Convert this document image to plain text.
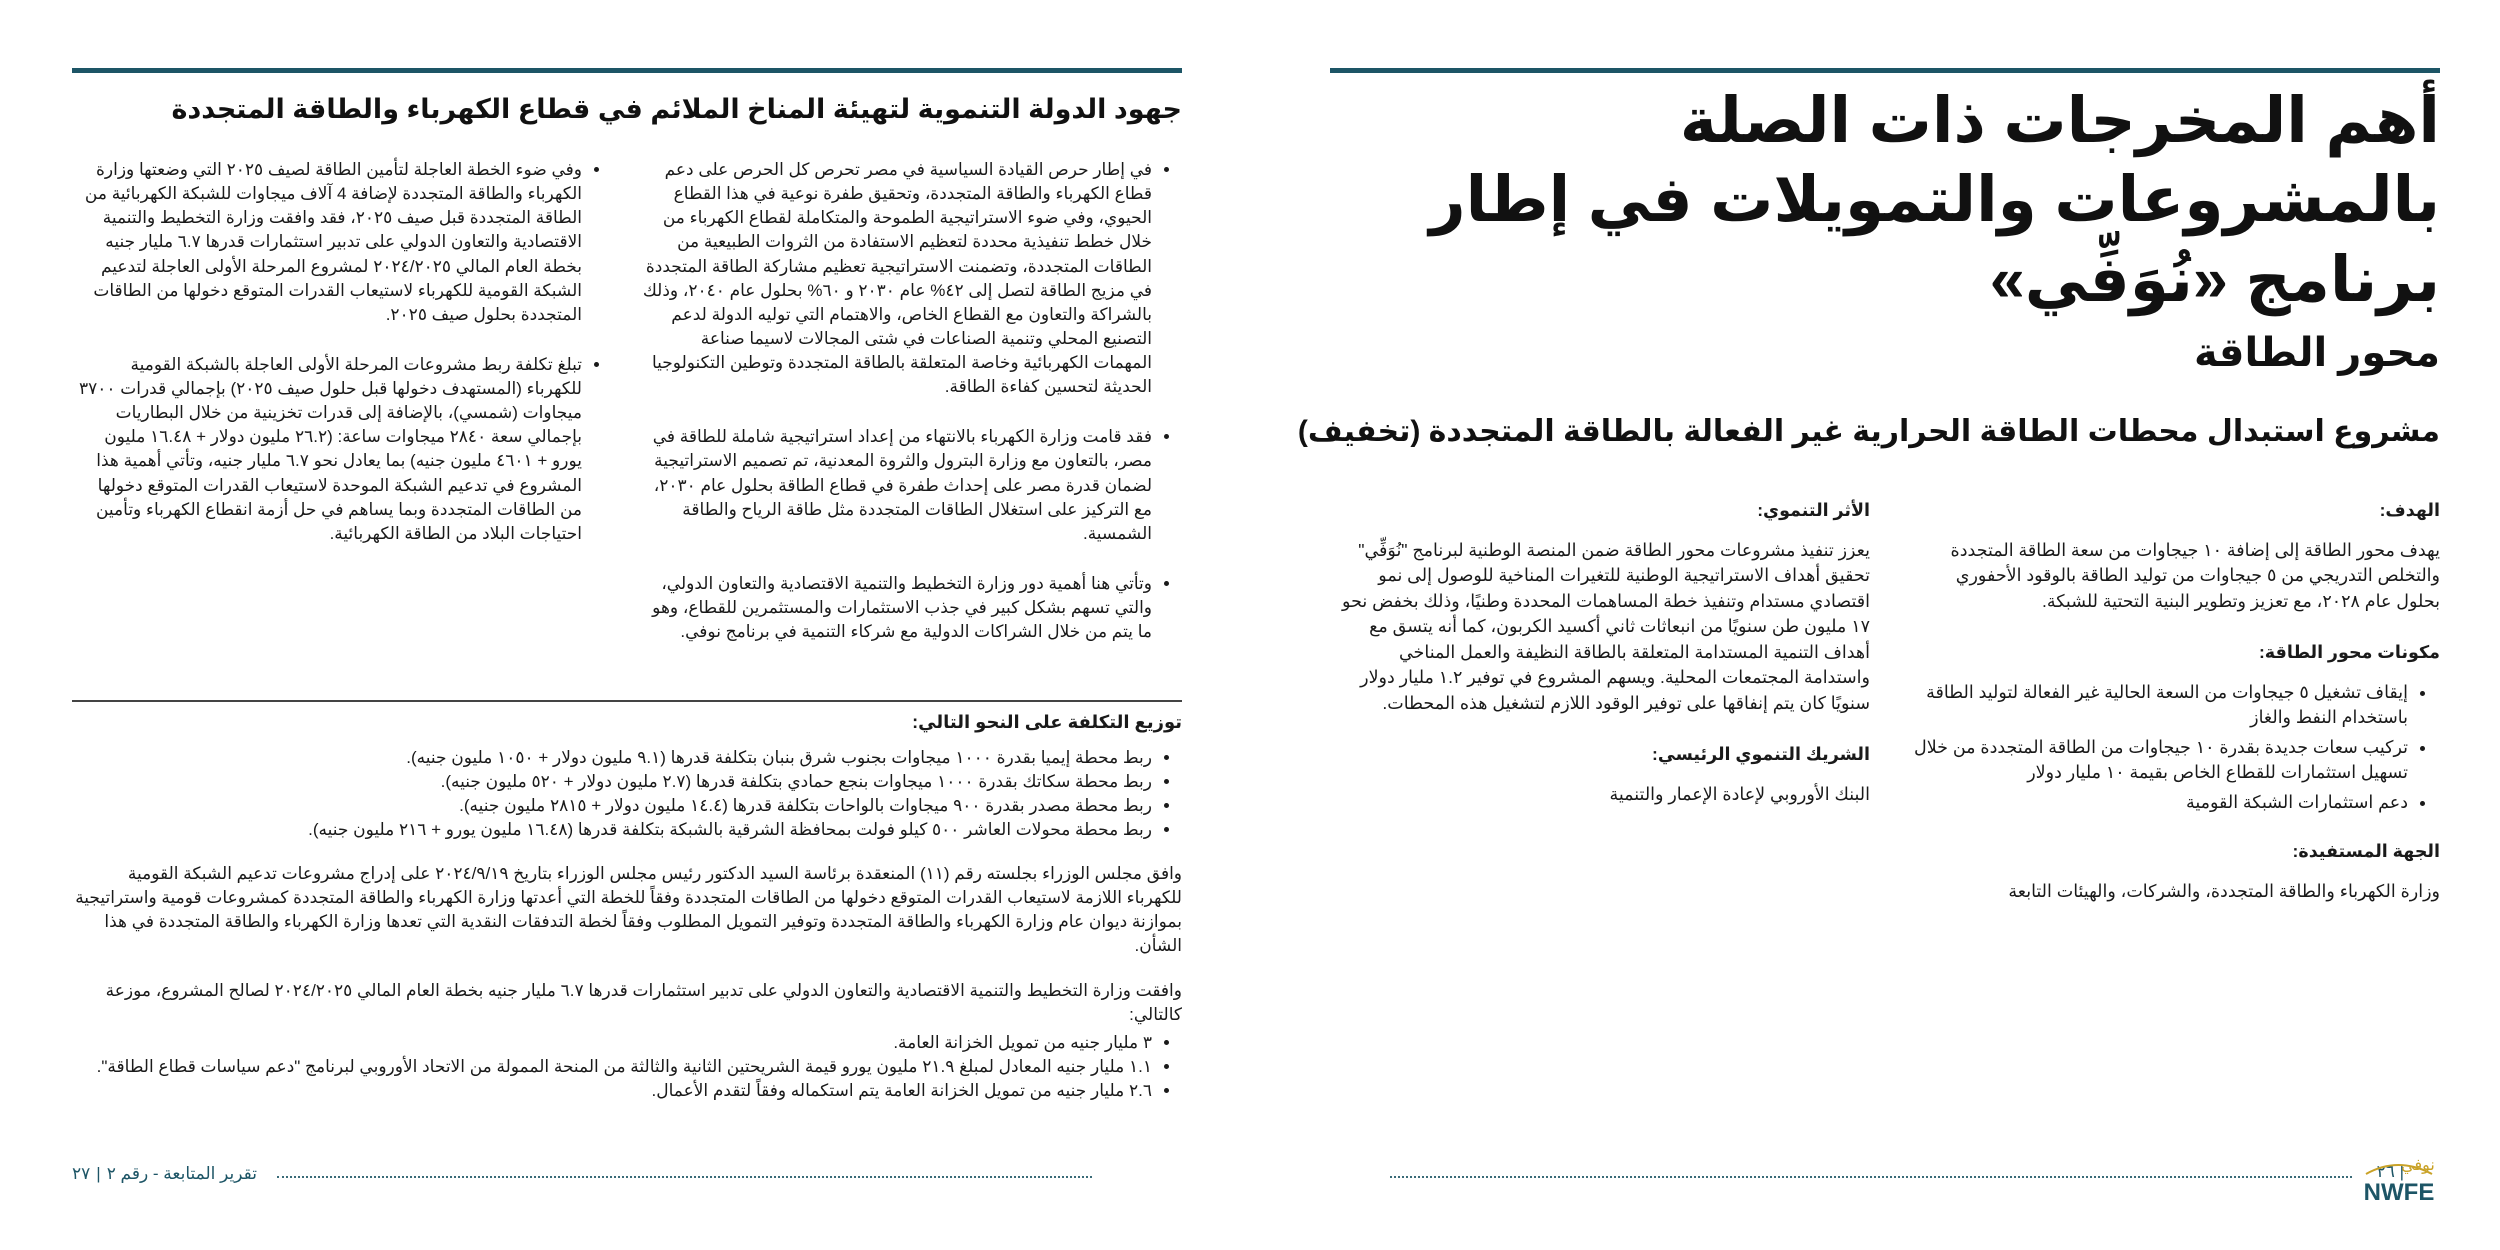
أهم المخرجات ذات الصلة بالمشروعات والتمويلات في إطار برنامج «نُوَفِّي»
محور الطاقة
مشروع استبدال محطات الطاقة الحرارية غير الفعالة بالطاقة المتجددة (تخفيف)
الهدف:

يهدف محور الطاقة إلى إضافة ١٠ جيجاوات من سعة الطاقة المتجددة والتخلص التدريجي من ٥ جيجاوات من توليد الطاقة بالوقود الأحفوري بحلول عام ٢٠٢٨، مع تعزيز وتطوير البنية التحتية للشبكة.

مكونات محور الطاقة:
• إيقاف تشغيل ٥ جيجاوات من السعة الحالية غير الفعالة لتوليد الطاقة باستخدام النفط والغاز
• تركيب سعات جديدة بقدرة ١٠ جيجاوات من الطاقة المتجددة من خلال تسهيل استثمارات للقطاع الخاص بقيمة ١٠ مليار دولار
• دعم استثمارات الشبكة القومية
الجهة المستفيدة:

وزارة الكهرباء والطاقة المتجددة، والشركات، والهيئات التابعة

الأثر التنموي:

يعزز تنفيذ مشروعات محور الطاقة ضمن المنصة الوطنية لبرنامج "نُوَفِّي" تحقيق أهداف الاستراتيجية الوطنية للتغيرات المناخية للوصول إلى نمو اقتصادي مستدام وتنفيذ خطة المساهمات المحددة وطنيًا، وذلك بخفض نحو ١٧ مليون طن سنويًا من انبعاثات ثاني أكسيد الكربون، كما أنه يتسق مع أهداف التنمية المستدامة المتعلقة بالطاقة النظيفة والعمل المناخي واستدامة المجتمعات المحلية. ويسهم المشروع في توفير ١.٢ مليار دولار سنويًا كان يتم إنفاقها على توفير الوقود اللازم لتشغيل هذه المحطات.

الشريك التنموي الرئيسي:

البنك الأوروبي لإعادة الإعمار والتنمية

٢٦ |
نوفي
NWFE
جهود الدولة التنموية لتهيئة المناخ الملائم في قطاع الكهرباء والطاقة المتجددة
• في إطار حرص القيادة السياسية في مصر تحرص كل الحرص على دعم قطاع الكهرباء والطاقة المتجددة، وتحقيق طفرة نوعية في هذا القطاع الحيوي، وفي ضوء الاستراتيجية الطموحة والمتكاملة لقطاع الكهرباء من خلال خطط تنفيذية محددة لتعظيم الاستفادة من الثروات الطبيعية من الطاقات المتجددة، وتضمنت الاستراتيجية تعظيم مشاركة الطاقة المتجددة في مزيج الطاقة لتصل إلى ٤٢% عام ٢٠٣٠ و ٦٠% بحلول عام ٢٠٤٠، وذلك بالشراكة والتعاون مع القطاع الخاص، والاهتمام التي توليه الدولة لدعم التصنيع المحلي وتنمية الصناعات في شتى المجالات لاسيما صناعة المهمات الكهربائية وخاصة المتعلقة بالطاقة المتجددة وتوطين التكنولوجيا الحديثة لتحسين كفاءة الطاقة.
• فقد قامت وزارة الكهرباء بالانتهاء من إعداد استراتيجية شاملة للطاقة في مصر، بالتعاون مع وزارة البترول والثروة المعدنية، تم تصميم الاستراتيجية لضمان قدرة مصر على إحداث طفرة في قطاع الطاقة بحلول عام ٢٠٣٠، مع التركيز على استغلال الطاقات المتجددة مثل طاقة الرياح والطاقة الشمسية.
• وتأتي هنا أهمية دور وزارة التخطيط والتنمية الاقتصادية والتعاون الدولي، والتي تسهم بشكل كبير في جذب الاستثمارات والمستثمرين للقطاع، وهو ما يتم من خلال الشراكات الدولية مع شركاء التنمية في برنامج نوفي.
• وفي ضوء الخطة العاجلة لتأمين الطاقة لصيف ٢٠٢٥ التي وضعتها وزارة الكهرباء والطاقة المتجددة لإضافة 4 آلاف ميجاوات للشبكة الكهربائية من الطاقة المتجددة قبل صيف ٢٠٢٥، فقد وافقت وزارة التخطيط والتنمية الاقتصادية والتعاون الدولي على تدبير استثمارات قدرها ٦.٧ مليار جنيه بخطة العام المالي ٢٠٢٤/٢٠٢٥ لمشروع المرحلة الأولى العاجلة لتدعيم الشبكة القومية للكهرباء لاستيعاب القدرات المتوقع دخولها من الطاقات المتجددة بحلول صيف ٢٠٢٥.
• تبلغ تكلفة ربط مشروعات المرحلة الأولى العاجلة بالشبكة القومية للكهرباء (المستهدف دخولها قبل حلول صيف ٢٠٢٥) بإجمالي قدرات ٣٧٠٠ ميجاوات (شمسي)، بالإضافة إلى قدرات تخزينية من خلال البطاريات بإجمالي سعة ٢٨٤٠ ميجاوات ساعة: (٢٦.٢ مليون دولار + ١٦.٤٨ مليون يورو + ٤٦٠١ مليون جنيه) بما يعادل نحو ٦.٧ مليار جنيه، وتأتي أهمية هذا المشروع في تدعيم الشبكة الموحدة لاستيعاب القدرات المتوقع دخولها من الطاقات المتجددة وبما يساهم في حل أزمة انقطاع الكهرباء وتأمين احتياجات البلاد من الطاقة الكهربائية.
توزيع التكلفة على النحو التالي:
• ربط محطة إيميا بقدرة ١٠٠٠ ميجاوات بجنوب شرق بنبان بتكلفة قدرها (٩.١ مليون دولار + ١٠٥٠ مليون جنيه).
• ربط محطة سكاتك بقدرة ١٠٠٠ ميجاوات بنجع حمادي بتكلفة قدرها (٢.٧ مليون دولار + ٥٢٠ مليون جنيه).
• ربط محطة مصدر بقدرة ٩٠٠ ميجاوات بالواحات بتكلفة قدرها (١٤.٤ مليون دولار + ٢٨١٥ مليون جنيه).
• ربط محطة محولات العاشر ٥٠٠ كيلو فولت بمحافظة الشرقية بالشبكة بتكلفة قدرها (١٦.٤٨ مليون يورو + ٢١٦ مليون جنيه).

وافق مجلس الوزراء بجلسته رقم (١١) المنعقدة برئاسة السيد الدكتور رئيس مجلس الوزراء بتاريخ ٢٠٢٤/٩/١٩ على إدراج مشروعات تدعيم الشبكة القومية للكهرباء اللازمة لاستيعاب القدرات المتوقع دخولها من الطاقات المتجددة وفقاً للخطة التي أعدتها وزارة الكهرباء والطاقة المتجددة كمشروعات قومية واستراتيجية بموازنة ديوان عام وزارة الكهرباء والطاقة المتجددة وتوفير التمويل المطلوب وفقاً لخطة التدفقات النقدية التي تعدها وزارة الكهرباء والطاقة المتجددة في هذا الشأن.

وافقت وزارة التخطيط والتنمية الاقتصادية والتعاون الدولي على تدبير استثمارات قدرها ٦.٧ مليار جنيه بخطة العام المالي ٢٠٢٤/٢٠٢٥ لصالح المشروع، موزعة كالتالي:

• ٣ مليار جنيه من تمويل الخزانة العامة.
• ١.١ مليار جنيه المعادل لمبلغ ٢١.٩ مليون يورو قيمة الشريحتين الثانية والثالثة من المنحة الممولة من الاتحاد الأوروبي لبرنامج "دعم سياسات قطاع الطاقة".
• ٢.٦ مليار جنيه من تمويل الخزانة العامة يتم استكماله وفقاً لتقدم الأعمال.
تقرير المتابعة - رقم ٢|٢٧
